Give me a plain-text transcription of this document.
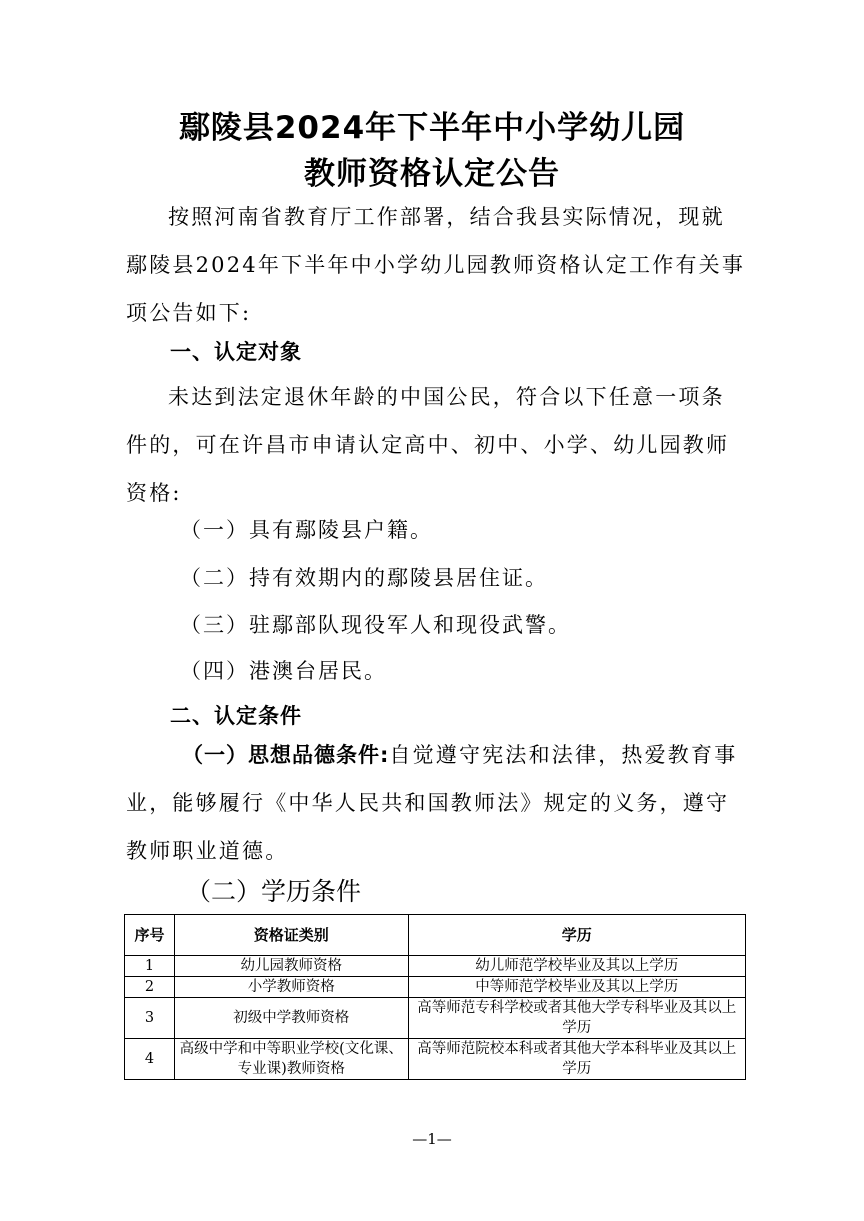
鄢陵县2024年下半年中小学幼儿园
教师资格认定公告
按照河南省教育厅工作部署，结合我县实际情况，现就鄢陵县2024年下半年中小学幼儿园教师资格认定工作有关事项公告如下:
一、认定对象
未达到法定退休年龄的中国公民，符合以下任意一项条件的，可在许昌市申请认定高中、初中、小学、幼儿园教师资格:
（一）具有鄢陵县户籍。
（二）持有效期内的鄢陵县居住证。
（三）驻鄢部队现役军人和现役武警。
（四）港澳台居民。
二、认定条件
（一）思想品德条件:自觉遵守宪法和法律，热爱教育事业，能够履行《中华人民共和国教师法》规定的义务，遵守教师职业道德。
（二）学历条件
序号	资格证类别	学历
1	幼儿园教师资格	幼儿师范学校毕业及其以上学历
2	小学教师资格	中等师范学校毕业及其以上学历
3	初级中学教师资格	高等师范专科学校或者其他大学专科毕业及其以上学历
4	高级中学和中等职业学校(文化课、专业课)教师资格	高等师范院校本科或者其他大学本科毕业及其以上学历
—1—
